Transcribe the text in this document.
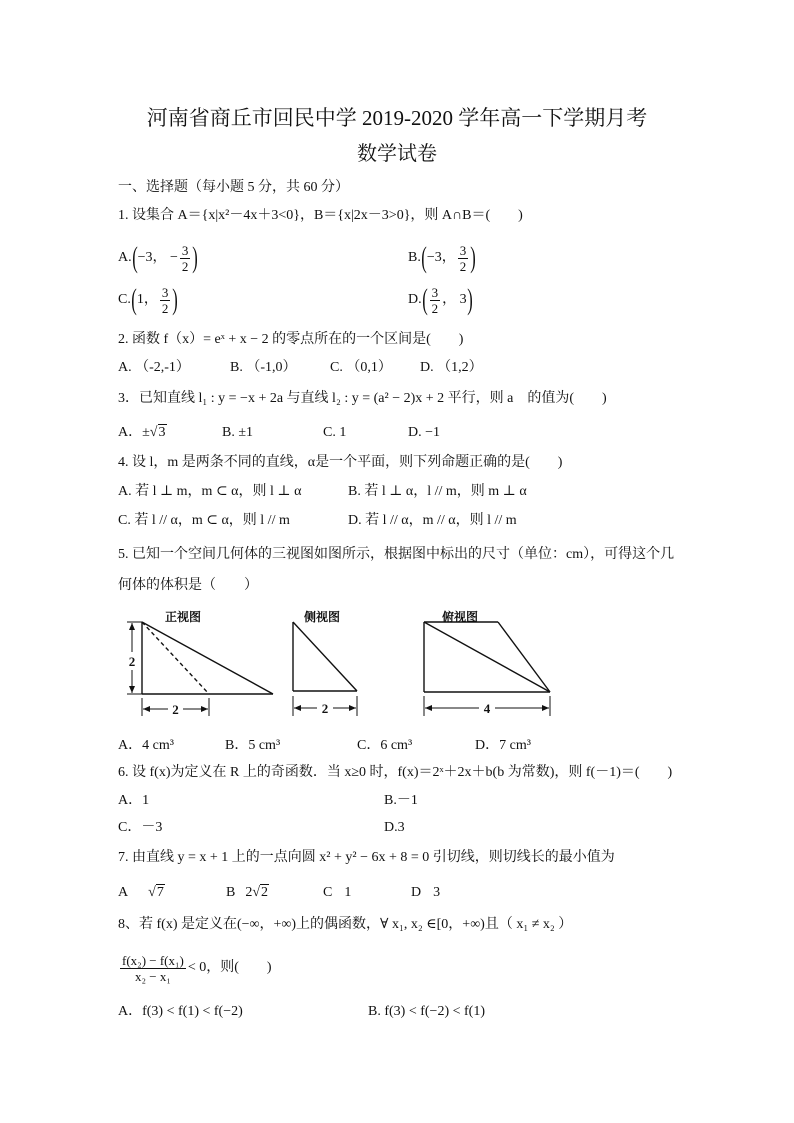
河南省商丘市回民中学 2019-2020 学年高一下学期月考
数学试卷
一、选择题（每小题 5 分，共 60 分）
1. 设集合 A＝{x|x²－4x＋3<0}，B＝{x|2x－3>0}，则 A∩B＝(　　)
A. ( −3， − $\frac{3}{2}$ )	B. ( −3， $\frac{3}{2}$ )
C. ( 1， $\frac{3}{2}$ )	D. ( $\frac{3}{2}$ ， 3 )
2. 函数 f（x）= eˣ + x − 2 的零点所在的一个区间是(　　)
A. （-2,-1）	B. （-1,0） C. （0,1） D. （1,2）
3．已知直线 l₁ : y = −x + 2a 与直线 l₂ : y = (a² − 2)x + 2 平行，则 a　的值为(　　)
A．±√3	B. ±1	C. 1	D. −1
4. 设 l，m 是两条不同的直线，α是一个平面，则下列命题正确的是(　　)
A. 若 l ⊥ m，m ⊂ α，则 l ⊥ α	B. 若 l ⊥ α，l // m，则 m ⊥ α
C. 若 l // α，m ⊂ α，则 l // m	D. 若 l // α，m // α，则 l // m
5. 已知一个空间几何体的三视图如图所示，根据图中标出的尺寸（单位：cm），可得这个几
何体的体积是（　　）
正视图
2
2
侧视图
2
俯视图
4
A．4 cm³	B．5 cm³	C．6 cm³	D．7 cm³
6. 设 f(x)为定义在 R 上的奇函数．当 x≥0 时，f(x)＝2ˣ＋2x＋b(b 为常数)，则 f(－1)＝(　　)
A．1	B.－1
C．－3	D.3
7. 由直线 y = x + 1 上的一点向圆 x² + y² − 6x + 8 = 0 引切线，则切线长的最小值为
A √7	B 2√2	C 1	D 3
8、若 f(x) 是定义在(−∞，+∞)上的偶函数，∀ x₁, x₂ ∈[0，+∞)且（ x₁ ≠ x₂ ）
$\frac{\text{f(x₂) − f(x₁)}}{\text{x₂ − x₁}} < 0$，则(　　)
A．f(3) < f(1) < f(−2)	B. f(3) < f(−2) < f(1)
